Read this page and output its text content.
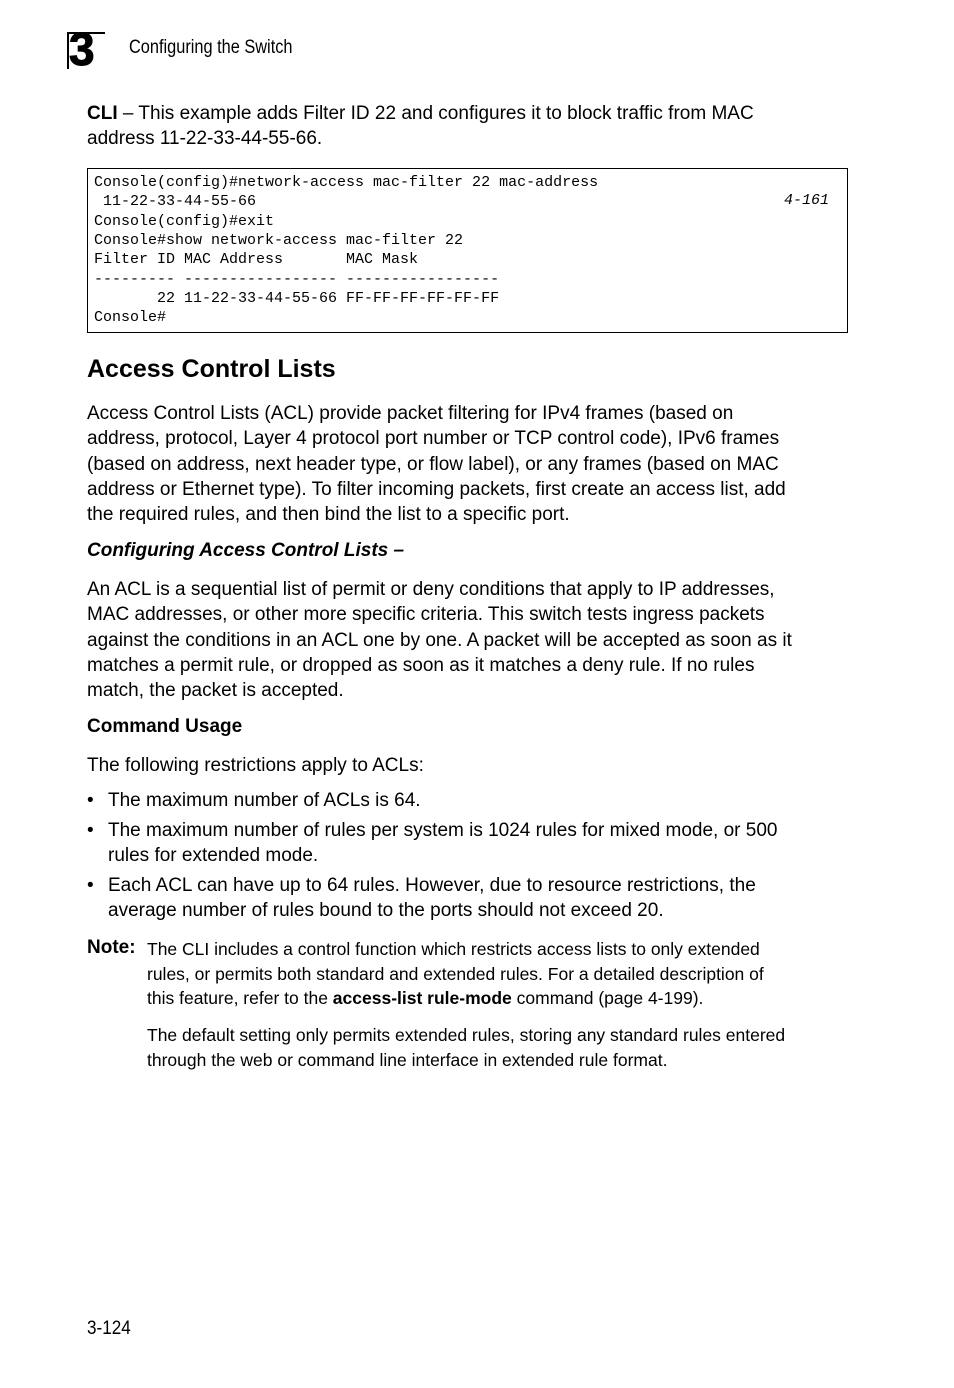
3 Configuring the Switch

CLI – This example adds Filter ID 22 and configures it to block traffic from MAC
address 11-22-33-44-55-66.

Console(config)#network-access mac-filter 22 mac-address
11-22-33-44-55-66
Console(config)#exit
Console#show network-access mac-filter 22
Filter ID MAC Address       MAC Mask
--------- ----------------- -----------------
22 11-22-33-44-55-66 FF-FF-FF-FF-FF-FF
Console#
4-161
Access Control Lists

Access Control Lists (ACL) provide packet filtering for IPv4 frames (based on
address, protocol, Layer 4 protocol port number or TCP control code), IPv6 frames
(based on address, next header type, or flow label), or any frames (based on MAC
address or Ethernet type). To filter incoming packets, first create an access list, add
the required rules, and then bind the list to a specific port.

Configuring Access Control Lists –

An ACL is a sequential list of permit or deny conditions that apply to IP addresses,
MAC addresses, or other more specific criteria. This switch tests ingress packets
against the conditions in an ACL one by one. A packet will be accepted as soon as it
matches a permit rule, or dropped as soon as it matches a deny rule. If no rules
match, the packet is accepted.

Command Usage

The following restrictions apply to ACLs:

• The maximum number of ACLs is 64.
• The maximum number of rules per system is 1024 rules for mixed mode, or 500
rules for extended mode.
• Each ACL can have up to 64 rules. However, due to resource restrictions, the
average number of rules bound to the ports should not exceed 20.
Note: The CLI includes a control function which restricts access lists to only extended
rules, or permits both standard and extended rules. For a detailed description of
this feature, refer to the access-list rule-mode command (page 4-199).
The default setting only permits extended rules, storing any standard rules entered
through the web or command line interface in extended rule format.
3-124
